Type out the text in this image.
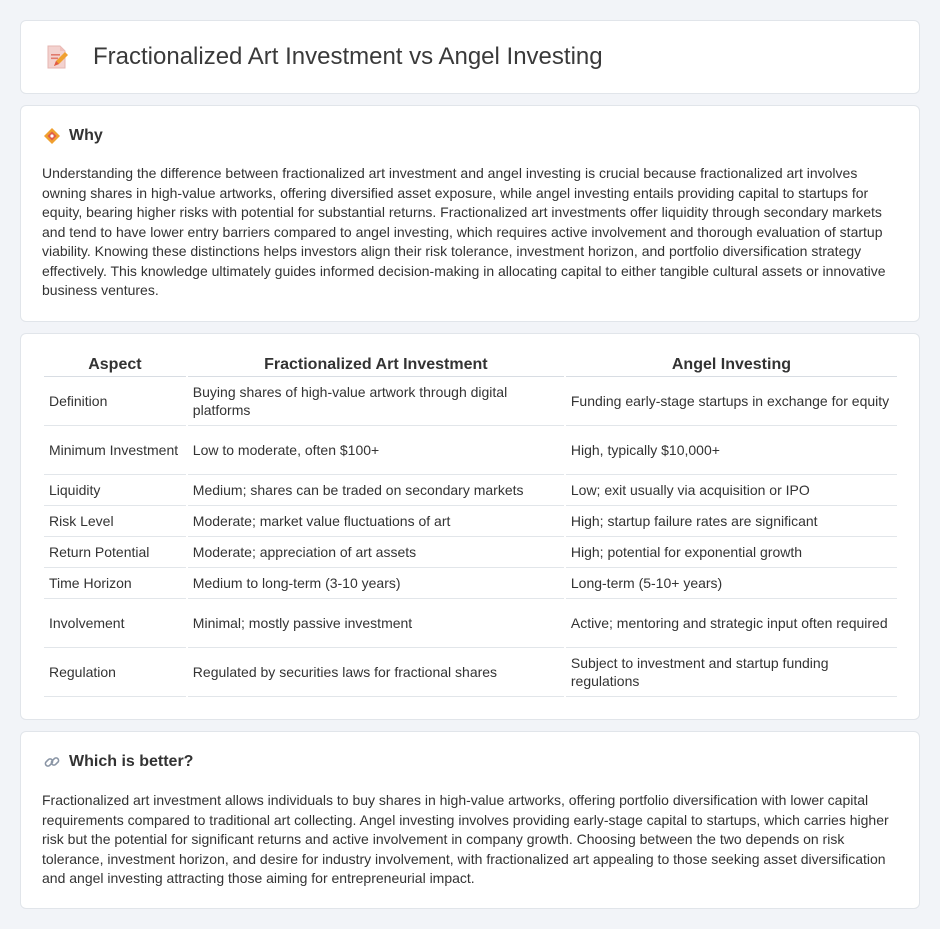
Fractionalized Art Investment vs Angel Investing
Why

Understanding the difference between fractionalized art investment and angel investing is crucial because fractionalized art involves owning shares in high-value artworks, offering diversified asset exposure, while angel investing entails providing capital to startups for equity, bearing higher risks with potential for substantial returns. Fractionalized art investments offer liquidity through secondary markets and tend to have lower entry barriers compared to angel investing, which requires active involvement and thorough evaluation of startup viability. Knowing these distinctions helps investors align their risk tolerance, investment horizon, and portfolio diversification strategy effectively. This knowledge ultimately guides informed decision-making in allocating capital to either tangible cultural assets or innovative business ventures.

Aspect	Fractionalized Art Investment	Angel Investing
Definition	Buying shares of high-value artwork through digital platforms	Funding early-stage startups in exchange for equity
Minimum Investment	Low to moderate, often $100+	High, typically $10,000+
Liquidity	Medium; shares can be traded on secondary markets	Low; exit usually via acquisition or IPO
Risk Level	Moderate; market value fluctuations of art	High; startup failure rates are significant
Return Potential	Moderate; appreciation of art assets	High; potential for exponential growth
Time Horizon	Medium to long-term (3-10 years)	Long-term (5-10+ years)
Involvement	Minimal; mostly passive investment	Active; mentoring and strategic input often required
Regulation	Regulated by securities laws for fractional shares	Subject to investment and startup funding regulations
Which is better?

Fractionalized art investment allows individuals to buy shares in high-value artworks, offering portfolio diversification with lower capital requirements compared to traditional art collecting. Angel investing involves providing early-stage capital to startups, which carries higher risk but the potential for significant returns and active involvement in company growth. Choosing between the two depends on risk tolerance, investment horizon, and desire for industry involvement, with fractionalized art appealing to those seeking asset diversification and angel investing attracting those aiming for entrepreneurial impact.
